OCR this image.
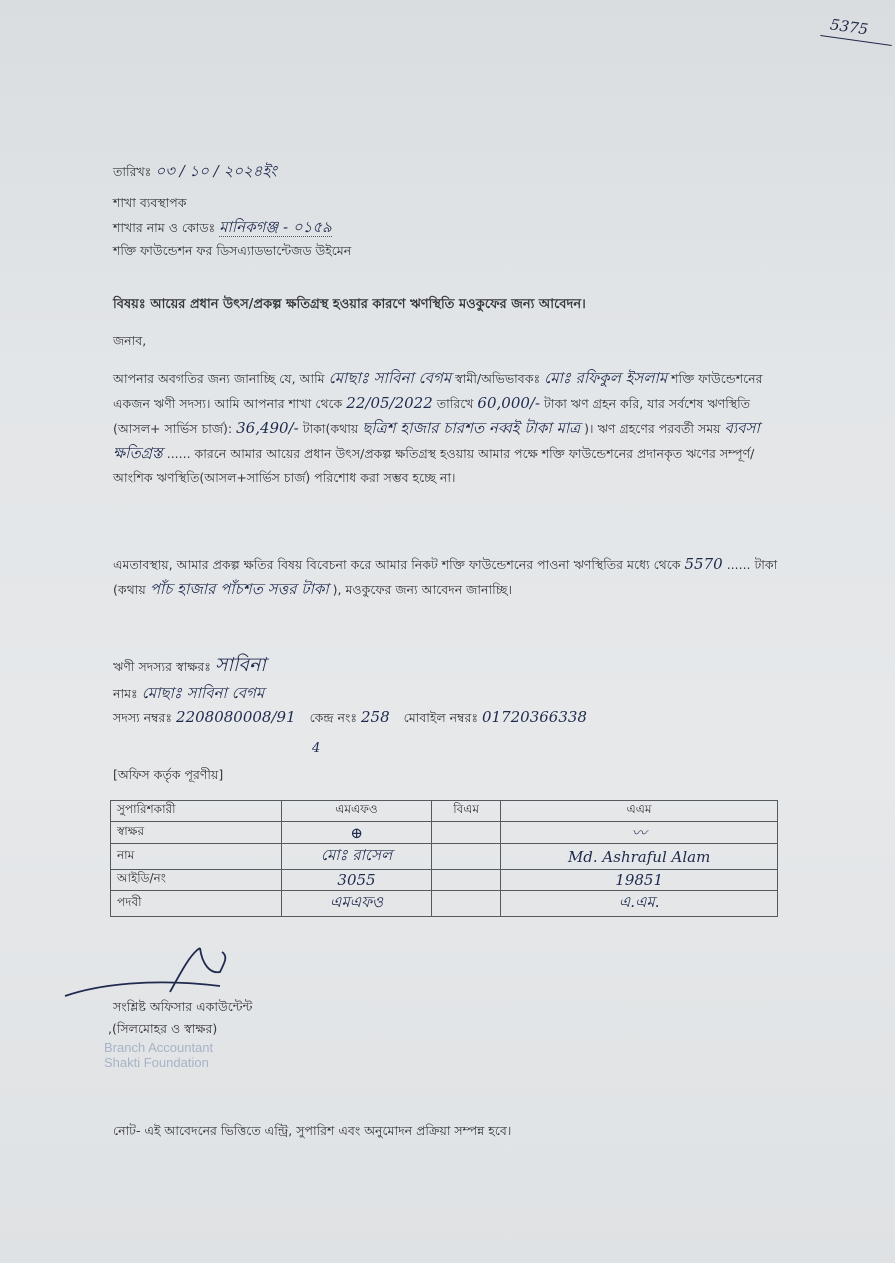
5375
তারিখঃ ০৩ / ১০ / ২০২৪ইং
শাখা ব্যবস্থাপক
শাখার নাম ও কোডঃ মানিকগঞ্জ - ০১৫৯
শক্তি ফাউন্ডেশন ফর ডিসএ্যাডভান্টেজড উইমেন
বিষয়ঃ আয়ের প্রধান উৎস/প্রকল্প ক্ষতিগ্রস্থ হওয়ার কারণে ঋণস্থিতি মওকুফের জন্য আবেদন।
জনাব,
আপনার অবগতির জন্য জানাচ্ছি যে, আমি মোছাঃ সাবিনা বেগম স্বামী/অভিভাবকঃ মোঃ রফিকুল ইসলাম শক্তি ফাউন্ডেশনের একজন ঋণী সদস্য। আমি আপনার শাখা থেকে 22/05/2022 তারিখে 60,000/- টাকা ঋণ গ্রহন করি, যার সর্বশেষ ঋণস্থিতি (আসল+ সার্ভিস চার্জ): 36,490/- টাকা(কথায় ছত্রিশ হাজার চারশত নব্বই টাকা মাত্র )। ঋণ গ্রহণের পরবর্তী সময় ব্যবসা ক্ষতিগ্রস্ত ...... কারনে আমার আয়ের প্রধান উৎস/প্রকল্প ক্ষতিগ্রস্থ হওয়ায় আমার পক্ষে শক্তি ফাউন্ডেশনের প্রদানকৃত ঋণের সম্পূর্ণ/আংশিক ঋণস্থিতি(আসল+সার্ভিস চার্জ) পরিশোধ করা সম্ভব হচ্ছে না।
এমতাবস্থায়, আমার প্রকল্প ক্ষতির বিষয় বিবেচনা করে আমার নিকট শক্তি ফাউন্ডেশনের পাওনা ঋণস্থিতির মধ্যে থেকে 5570 ...... টাকা (কথায় পাঁচ হাজার পাঁচশত সত্তর টাকা ), মওকুফের জন্য আবেদন জানাচ্ছি।
ঋণী সদস্যর স্বাক্ষরঃ সাবিনা
নামঃ মোছাঃ সাবিনা বেগম
সদস্য নম্বরঃ 2208080008/91 কেন্দ্র নংঃ 258 মোবাইল নম্বরঃ 01720366338
4
[অফিস কর্তৃক পূরণীয়]
সুপারিশকারী	এমএফও	বিএম	এএম
স্বাক্ষর	⊕		〰
নাম	মোঃ রাসেল		Md. Ashraful Alam
আইডি/নং	3055		19851
পদবী	এমএফও		এ.এম.
সংশ্লিষ্ট অফিসার একাউন্টেন্ট
,(সিলমোহর ও স্বাক্ষর)
Branch Accountant
Shakti Foundation
নোট- এই আবেদনের ভিত্তিতে এন্ট্রি, সুপারিশ এবং অনুমোদন প্রক্রিয়া সম্পন্ন হবে।
